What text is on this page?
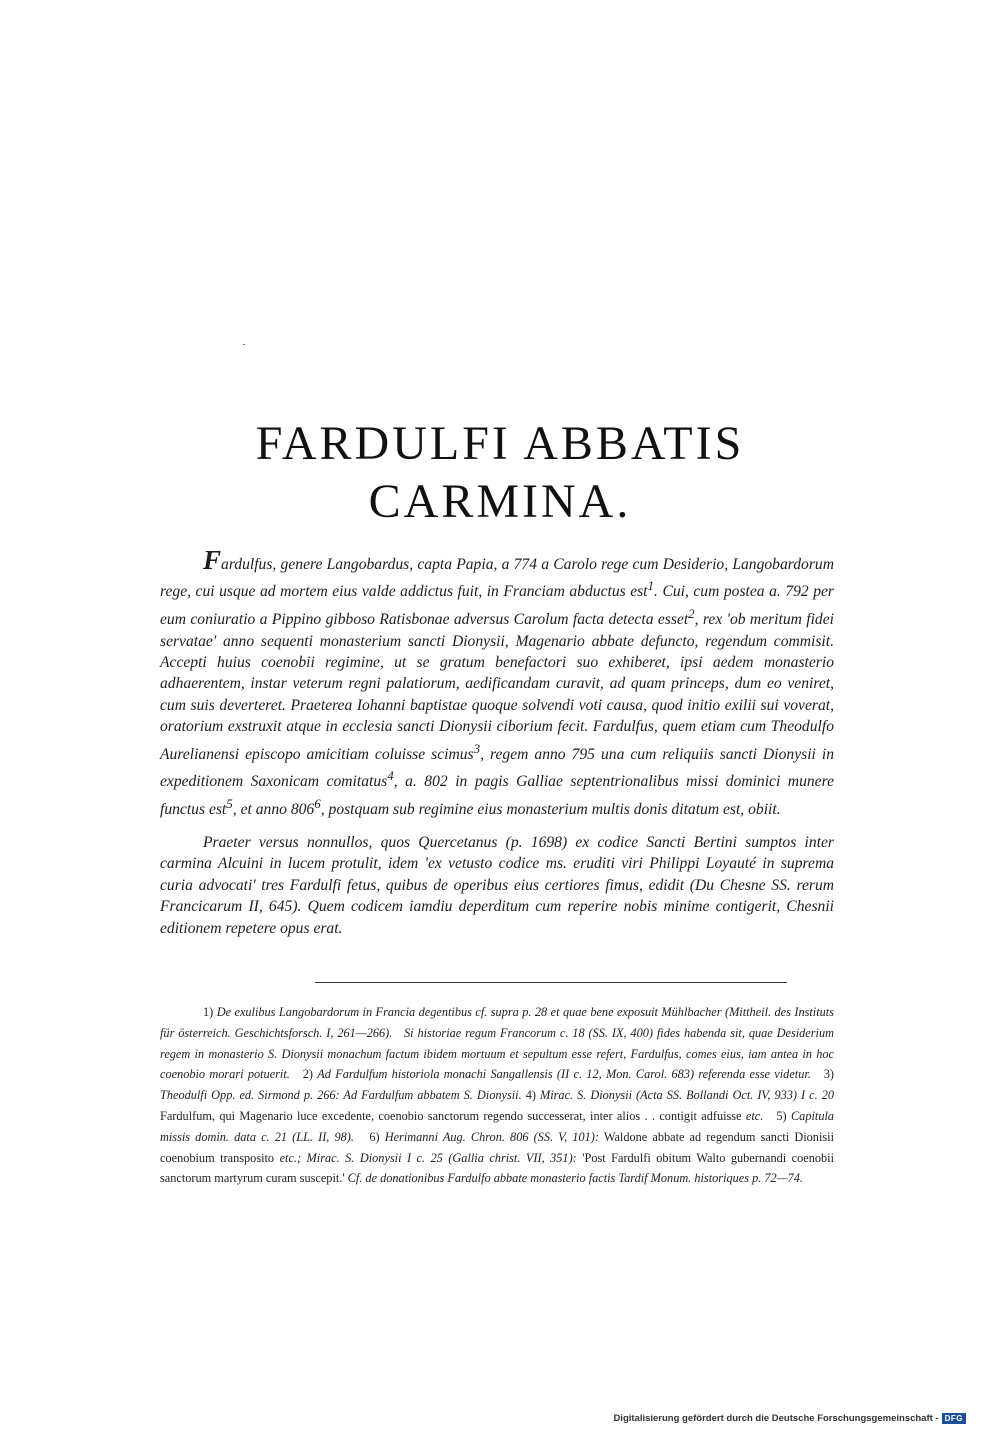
FARDULFI ABBATIS
CARMINA.

Fardulfus, genere Langobardus, capta Papia, a 774 a Carolo rege cum Desiderio, Langobardorum rege, cui usque ad mortem eius valde addictus fuit, in Franciam abductus est$^1$. Cui, cum postea a. 792 per eum coniuratio a Pippino gibboso Ratisbonae adversus Carolum facta detecta esset$^2$, rex 'ob meritum fidei servatae' anno sequenti monasterium sancti Dionysii, Magenario abbate defuncto, regendum commisit. Accepti huius coenobii regimine, ut se gratum benefactori suo exhiberet, ipsi aedem monasterio adhaerentem, instar veterum regni palatiorum, aedificandam curavit, ad quam princeps, dum eo veniret, cum suis deverteret. Praeterea Iohanni baptistae quoque solvendi voti causa, quod initio exilii sui voverat, oratorium exstruxit atque in ecclesia sancti Dionysii ciborium fecit. Fardulfus, quem etiam cum Theodulfo Aurelianensi episcopo amicitiam coluisse scimus$^3$, regem anno 795 una cum reliquiis sancti Dionysii in expeditionem Saxonicam comitatus$^4$, a. 802 in pagis Galliae septentrionalibus missi dominici munere functus est$^5$, et anno $806^6$, postquam sub regimine eius monasterium multis donis ditatum est, obiit.

Praeter versus nonnullos, quos Quercetanus (p. 1698) ex codice Sancti Bertini sumptos inter carmina Alcuini in lucem protulit, idem 'ex vetusto codice ms. eruditi viri Philippi Loyauté in suprema curia advocati' tres Fardulfi fetus, quibus de operibus eius certiores fimus, edidit (Du Chesne SS. rerum Francicarum II, 645). Quem codicem iamdiu deperditum cum reperire nobis minime contigerit, Chesnii editionem repetere opus erat.

1) De exulibus Langobardorum in Francia degentibus cf. supra p. 28 et quae bene exposuit Mühlbacher (Mittheil. des Instituts für österreich. Geschichtsforsch. I, 261—266). Si historiae regum Francorum c. 18 (SS. IX, 400) fides habenda sit, quae Desiderium regem in monasterio S. Dionysii monachum factum ibidem mortuum et sepultum esse refert, Fardulfus, comes eius, iam antea in hoc coenobio morari potuerit. 2) Ad Fardulfum historiola monachi Sangallensis (II c. 12, Mon. Carol. 683) referenda esse videtur. 3) Theodulfi Opp. ed. Sirmond p. 266: Ad Fardulfum abbatem S. Dionysii. 4) Mirac. S. Dionysii (Acta SS. Bollandi Oct. IV, 933) I c. 20 Fardulfum, qui Magenario luce excedente, coenobio sanctorum regendo successerat, inter alios . . contigit adfuisse etc. 5) Capitula missis domin. data c. 21 (LL. II, 98). 6) Herimanni Aug. Chron. 806 (SS. V, 101): Waldone abbate ad regendum sancti Dionisii coenobium transposito etc.; Mirac. S. Dionysii I c. 25 (Gallia christ. VII, 351): 'Post Fardulfi obitum Walto gubernandi coenobii sanctorum martyrum curam suscepit.' Cf. de donationibus Fardulfo abbate monasterio factis Tardif Monum. historiques p. 72—74.

Digitalisierung gefördert durch die Deutsche Forschungsgemeinschaft - DFG
